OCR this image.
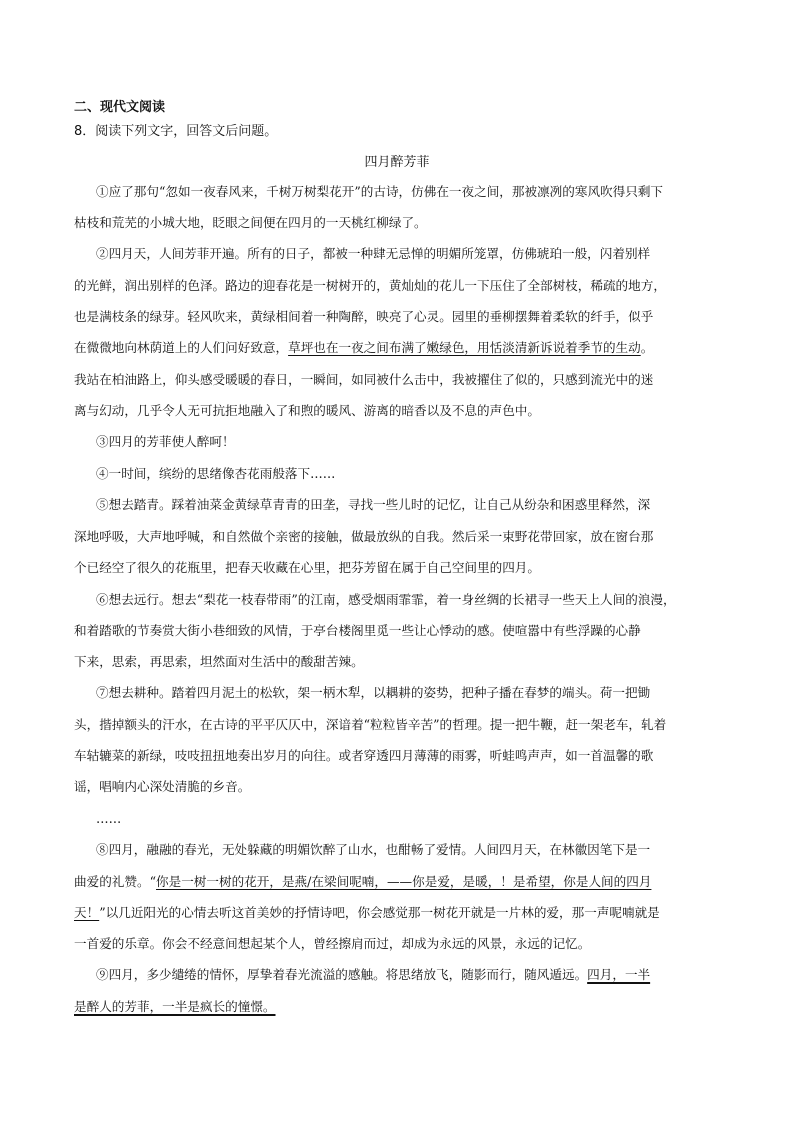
二、现代文阅读
8．阅读下列文字，回答文后问题。
四月醉芳菲
①应了那句“忽如一夜春风来，千树万树梨花开”的古诗，仿佛在一夜之间，那被凛冽的寒风吹得只剩下
枯枝和荒芜的小城大地，眨眼之间便在四月的一天桃红柳绿了。
②四月天，人间芳菲开遍。所有的日子，都被一种肆无忌惮的明媚所笼罩，仿佛琥珀一般，闪着别样
的光鲜，润出别样的色泽。路边的迎春花是一树树开的，黄灿灿的花儿一下压住了全部树枝，稀疏的地方，
也是满枝条的绿芽。轻风吹来，黄绿相间着一种陶醉，映亮了心灵。园里的垂柳摆舞着柔软的纤手，似乎
在微微地向林荫道上的人们问好致意，草坪也在一夜之间布满了嫩绿色，用恬淡清新诉说着季节的生动。
我站在柏油路上，仰头感受暖暖的春日，一瞬间，如同被什么击中，我被擢住了似的，只感到流光中的迷
离与幻动，几乎令人无可抗拒地融入了和煦的暖风、游离的暗香以及不息的声色中。
③四月的芳菲使人醉呵！
④一时间，缤纷的思绪像杏花雨般落下……
⑤想去踏青。踩着油菜金黄绿草青青的田垄，寻找一些儿时的记忆，让自己从纷杂和困惑里释然，深
深地呼吸，大声地呼喊，和自然做个亲密的接触，做最放纵的自我。然后采一束野花带回家，放在窗台那
个已经空了很久的花瓶里，把春天收藏在心里，把芬芳留在属于自己空间里的四月。
⑥想去远行。想去“梨花一枝春带雨”的江南，感受烟雨霏霏，着一身丝绸的长裙寻一些天上人间的浪漫，
和着踏歌的节奏赏大街小巷细致的风情，于亭台楼阁里觅一些让心悸动的感。使喧嚣中有些浮躁的心静
下来，思索，再思索，坦然面对生活中的酸甜苦辣。
⑦想去耕种。踏着四月泥土的松软，架一柄木犁，以耦耕的姿势，把种子播在春梦的端头。荷一把锄
头，揩掉额头的汗水，在古诗的平平仄仄中，深谙着“粒粒皆辛苦”的哲理。提一把牛鞭，赶一架老车，轧着
车轱辘菜的新绿，吱吱扭扭地奏出岁月的向往。或者穿透四月薄薄的雨雾，听蛙鸣声声，如一首温馨的歌
谣，唱响内心深处清脆的乡音。
……
⑧四月，融融的春光，无处躲藏的明媚饮醉了山水，也酣畅了爱情。人间四月天，在林徽因笔下是一
曲爱的礼赞。“你是一树一树的花开，是燕/在梁间呢喃，——你是爱，是暖，！是希望，你是人间的四月
天！”以几近阳光的心情去听这首美妙的抒情诗吧，你会感觉那一树花开就是一片林的爱，那一声呢喃就是
一首爱的乐章。你会不经意间想起某个人，曾经擦肩而过，却成为永远的风景，永远的记忆。
⑨四月，多少缱绻的情怀，厚挚着春光流溢的感触。将思绪放飞，随影而行，随风遁远。四月，一半
是醉人的芳菲，一半是疯长的憧憬。
